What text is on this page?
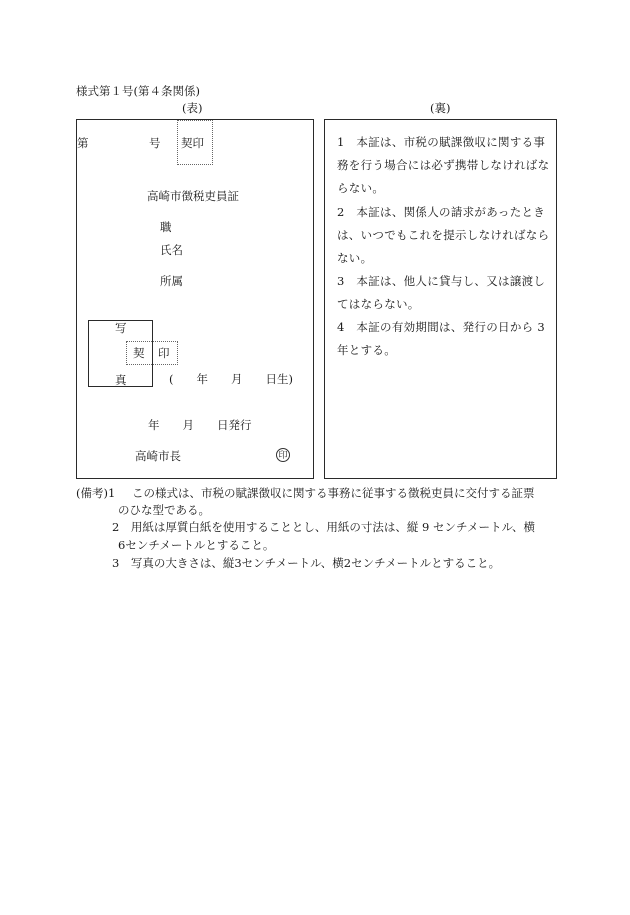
様式第１号(第４条関係)
(表)
第	号 契印
高崎市徴税吏員証
職
氏名
所属
写
真
契 印
(　　年　　月　　日生)
年　　月　　日発行
高崎市長	印
(裏)
1　本証は、市税の賦課徴収に関する事
務を行う場合には必ず携帯しなければな
らない。
2　本証は、関係人の請求があったとき
は、いつでもこれを提示しなければなら
ない。
3　本証は、他人に貸与し、又は譲渡し
てはならない。
4　本証の有効期間は、発行の日から 3
年とする。
(備考)1 この様式は、市税の賦課徴収に関する事務に従事する徴税吏員に交付する証票
のひな型である。
2　用紙は厚質白紙を使用することとし、用紙の寸法は、縦 9 センチメートル、横
6センチメートルとすること。
3　写真の大きさは、縦3センチメートル、横2センチメートルとすること。
